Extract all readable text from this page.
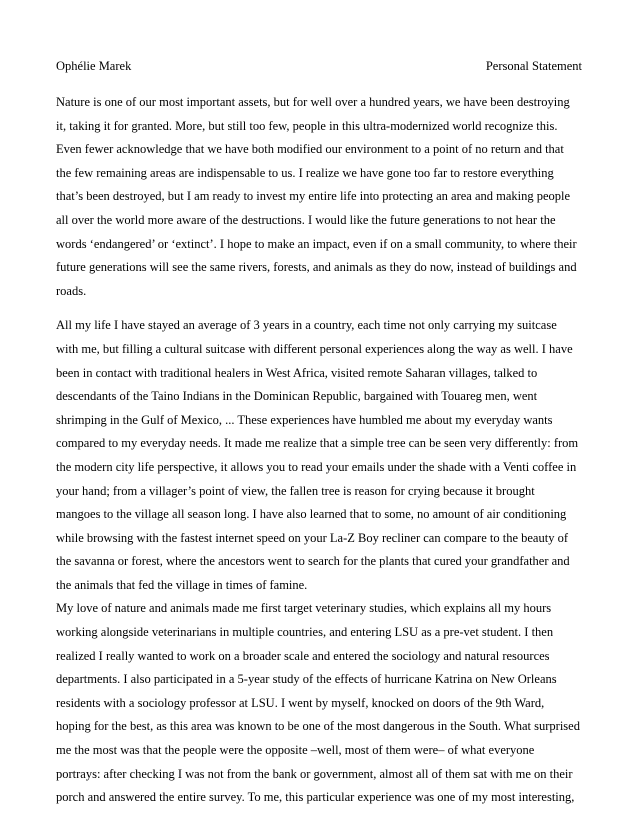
Ophélie Marek	Personal Statement
Nature is one of our most important assets, but for well over a hundred years, we have been destroying
it, taking it for granted. More, but still too few, people in this ultra-modernized world recognize this.
Even fewer acknowledge that we have both modified our environment to a point of no return and that
the few remaining areas are indispensable to us. I realize we have gone too far to restore everything
that’s been destroyed, but I am ready to invest my entire life into protecting an area and making people
all over the world more aware of the destructions. I would like the future generations to not hear the
words ‘endangered’ or ‘extinct’. I hope to make an impact, even if on a small community, to where their
future generations will see the same rivers, forests, and animals as they do now, instead of buildings and
roads.
All my life I have stayed an average of 3 years in a country, each time not only carrying my suitcase
with me, but filling a cultural suitcase with different personal experiences along the way as well. I have
been in contact with traditional healers in West Africa, visited remote Saharan villages, talked to
descendants of the Taino Indians in the Dominican Republic, bargained with Touareg men, went
shrimping in the Gulf of Mexico, ... These experiences have humbled me about my everyday wants
compared to my everyday needs. It made me realize that a simple tree can be seen very differently: from
the modern city life perspective, it allows you to read your emails under the shade with a Venti coffee in
your hand; from a villager’s point of view, the fallen tree is reason for crying because it brought
mangoes to the village all season long. I have also learned that to some, no amount of air conditioning
while browsing with the fastest internet speed on your La-Z Boy recliner can compare to the beauty of
the savanna or forest, where the ancestors went to search for the plants that cured your grandfather and
the animals that fed the village in times of famine.
My love of nature and animals made me first target veterinary studies, which explains all my hours
working alongside veterinarians in multiple countries, and entering LSU as a pre-vet student. I then
realized I really wanted to work on a broader scale and entered the sociology and natural resources
departments. I also participated in a 5-year study of the effects of hurricane Katrina on New Orleans
residents with a sociology professor at LSU. I went by myself, knocked on doors of the 9th Ward,
hoping for the best, as this area was known to be one of the most dangerous in the South. What surprised
me the most was that the people were the opposite –well, most of them were– of what everyone
portrays: after checking I was not from the bank or government, almost all of them sat with me on their
porch and answered the entire survey. To me, this particular experience was one of my most interesting,
